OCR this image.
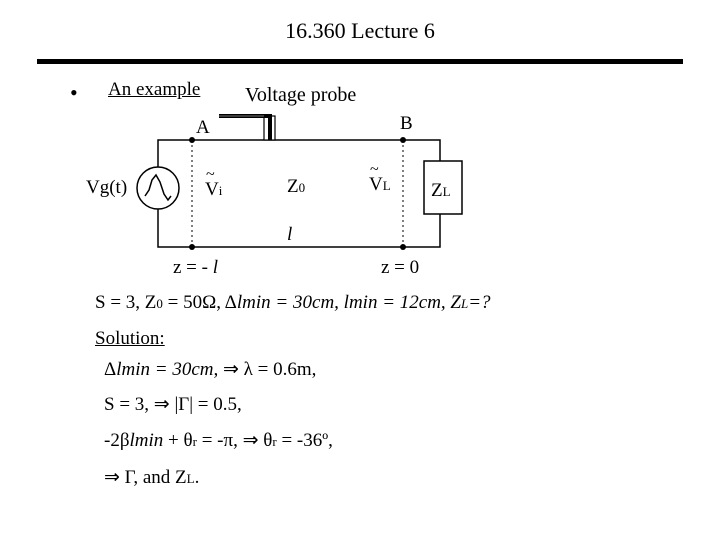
16.360 Lecture 6
• An example Voltage probe
A	B
Vg(t)
~
Vi	Z0
~
VL ZL
l
z = - l	z = 0
S = 3, Z0 = 50Ω, Δlmin = 30cm, lmin = 12cm, ZL=?
Solution:
Δlmin = 30cm, ⇒ λ = 0.6m,
S = 3, ⇒ |Γ| = 0.5,
-2βlmin + θr = -π, ⇒ θr = -36º,
⇒ Γ, and ZL.
